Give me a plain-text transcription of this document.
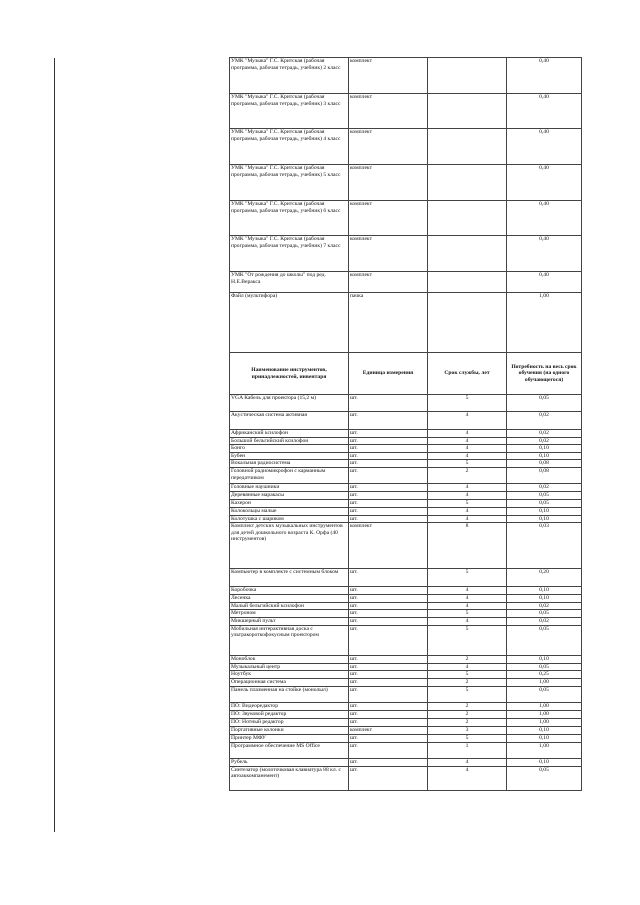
УМК "Музыка" Г.С. Критская (рабочая программа, рабочая тетрадь, учебник) 2 класс	комплект		0,40
УМК "Музыка" Г.С. Критская (рабочая программа, рабочая тетрадь, учебник) 3 класс	комплект		0,40
УМК "Музыка" Г.С. Критская (рабочая программа, рабочая тетрадь, учебник) 4 класс	комплект		0,40
УМК "Музыка" Г.С. Критская (рабочая программа, рабочая тетрадь, учебник) 5 класс	комплект		0,40
УМК "Музыка" Г.С. Критская (рабочая программа, рабочая тетрадь, учебник) 6 класс	комплект		0,40
УМК "Музыка" Г.С. Критская (рабочая программа, рабочая тетрадь, учебник) 7 класс	комплект		0,40
УМК "От рождения до школы" под ред. Н.Е.Веракса	комплект		0,40
Файл (мультифора)	пачка		1,00
Наименование инструментов, принадлежностей, инвентаря	Единица измерения	Срок службы, лет	Потребность на весь срок обучения (на одного обучающегося)
VGA Кабель для проектора (15,2 м)	шт.	5	0,05
Акустическая система активная	шт.	4	0,02
Африканский ксилофон	шт.	4	0,02
Большой бельгийский ксилофон	шт.	4	0,02
Бонго	шт.	4	0,10
Бубен	шт.	4	0,10
Вокальная радиосистема	шт.	5	0,08
Головной радиомикрофон с карманным передатчиком	шт.	2	0,08
Головные наушники	шт.	4	0,02
Деревянные маракасы	шт.	4	0,05
Кахерон	шт.	5	0,05
Колокольцы малые	шт.	4	0,10
Колотушка с шариком	шт.	4	0,10
Комплект детских музыкальных инструментов для детей дошкольного возраста К. Орфа (40 инструментов)	комплект	8	0,03
Компьютер в комплекте с системным блоком	шт.	5	0,20
Коробочка	шт.	4	0,10
Лесенка	шт.	4	0,10
Малый бельгийский ксилофон	шт.	4	0,02
Метроном	шт.	5	0,05
Микшерный пульт	шт.	4	0,02
Мобильная интерактивная доска с ультракороткофокусным проектором	шт.	5	0,05
Моноблок	шт.	2	0,10
Музыкальный центр	шт.	4	0,05
Ноутбук	шт.	5	0,25
Операционная система	шт.	2	1,00
Панель плазменная на стойке (монолыл)	шт.	5	0,05
ПО: Видеоредактор	шт.	2	1,00
ПО: Звуковой редактор	шт.	2	1,00
ПО: Нотный редактор	шт.	2	1,00
Портативные колонки	комплект	3	0,10
Принтер МФУ	шт.	5	0,10
Программное обеспечение MS Office	шт.	1	1,00
Рубель	шт.	4	0,10
Синтезатор (молоточковая клавиатура 88 кл. с автоаккомпанемент)	шт.	4	0,05
